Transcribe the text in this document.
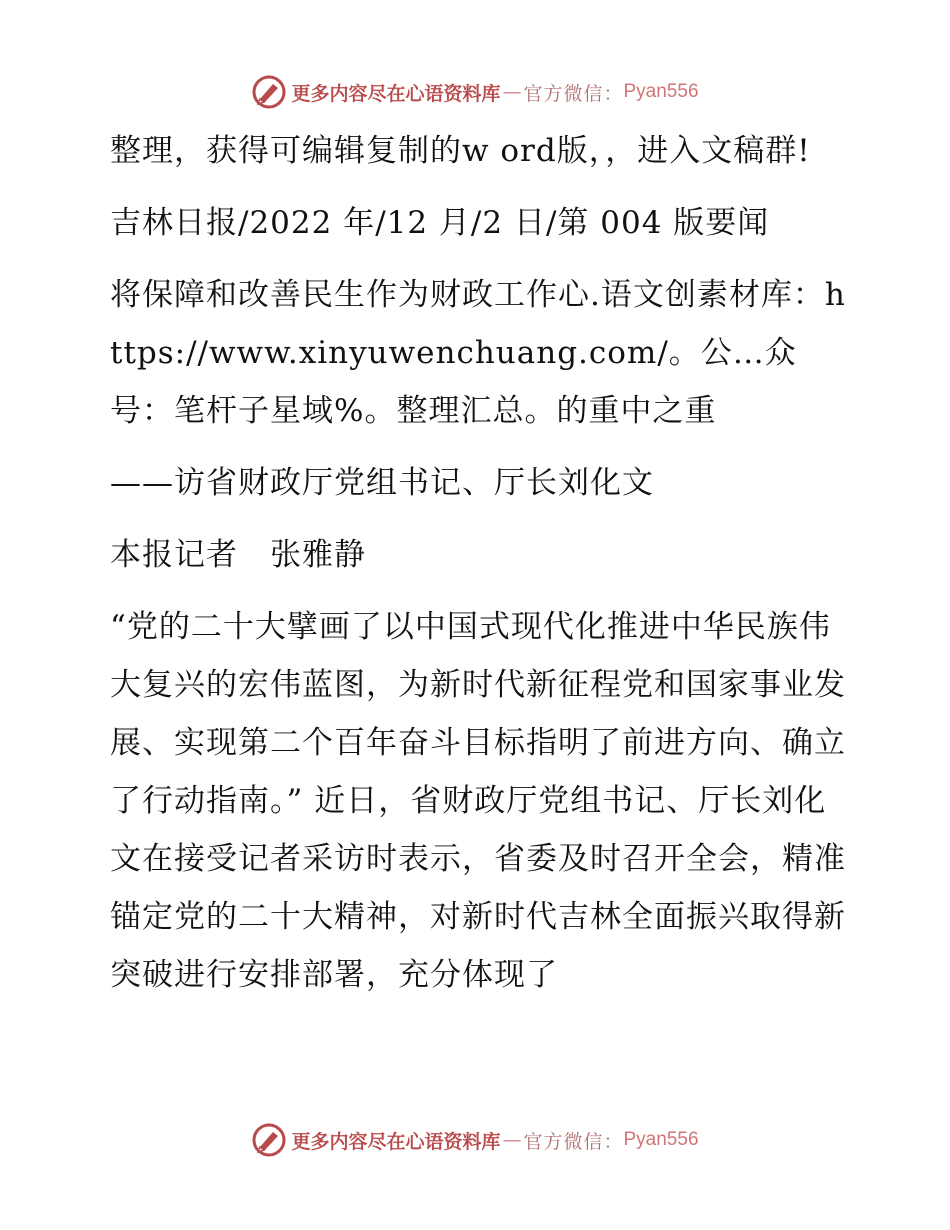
更多内容尽在心语资料库 — 官方微信： Pyan556

整理，获得可编辑复制的w ord版，，进入文稿群!

吉林日报/2022 年/12 月/2 日/第 004 版要闻

将保障和改善民生作为财政工作心.语文创素材库：https://www.xinyuwenchuang.com/。公…众号：笔杆子星域%。整理汇总。的重中之重

——访省财政厅党组书记、厅长刘化文

本报记者　张雅静

“党的二十大擘画了以中国式现代化推进中华民族伟大复兴的宏伟蓝图，为新时代新征程党和国家事业发展、实现第二个百年奋斗目标指明了前进方向、确立了行动指南。” 近日，省财政厅党组书记、厅长刘化文在接受记者采访时表示，省委及时召开全会，精准锚定党的二十大精神，对新时代吉林全面振兴取得新突破进行安排部署，充分体现了

更多内容尽在心语资料库 — 官方微信： Pyan556
